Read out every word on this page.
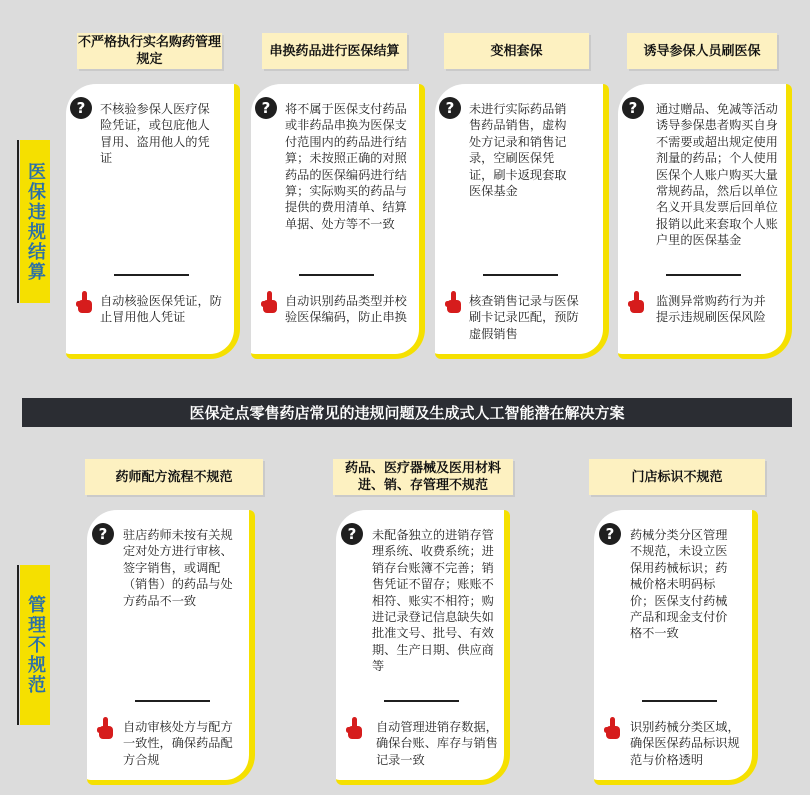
医保违规结算
管理不规范
不严格执行实名购药管理规定
?	不核验参保人医疗保险凭证，或包庇他人冒用、盗用他人的凭证
自动核验医保凭证，防止冒用他人凭证
串换药品进行医保结算
?	将不属于医保支付药品或非药品串换为医保支付范围内的药品进行结算；未按照正确的对照药品的医保编码进行结算；实际购买的药品与提供的费用清单、结算单据、处方等不一致
自动识别药品类型并校验医保编码，防止串换
变相套保
?	未进行实际药品销售药品销售，虚构处方记录和销售记录，空刷医保凭证，刷卡返现套取医保基金
核查销售记录与医保刷卡记录匹配，预防虚假销售
诱导参保人员刷医保
?	通过赠品、免减等活动诱导参保患者购买自身不需要或超出规定使用剂量的药品；个人使用医保个人账户购买大量常规药品，然后以单位名义开具发票后回单位报销以此来套取个人账户里的医保基金
监测异常购药行为并提示违规刷医保风险
医保定点零售药店常见的违规问题及生成式人工智能潜在解决方案
药师配方流程不规范
?	驻店药师未按有关规定对处方进行审核、签字销售，或调配（销售）的药品与处方药品不一致
自动审核处方与配方一致性，确保药品配方合规
药品、医疗器械及医用材料进、销、存管理不规范
?	未配备独立的进销存管理系统、收费系统；进销存台账簿不完善；销售凭证不留存；账账不相符、账实不相符；购进记录登记信息缺失如批准文号、批号、有效期、生产日期、供应商等
自动管理进销存数据，确保台账、库存与销售记录一致
门店标识不规范
?	药械分类分区管理不规范，未设立医保用药械标识；药械价格未明码标价；医保支付药械产品和现金支付价格不一致
识别药械分类区域，确保医保药品标识规范与价格透明
